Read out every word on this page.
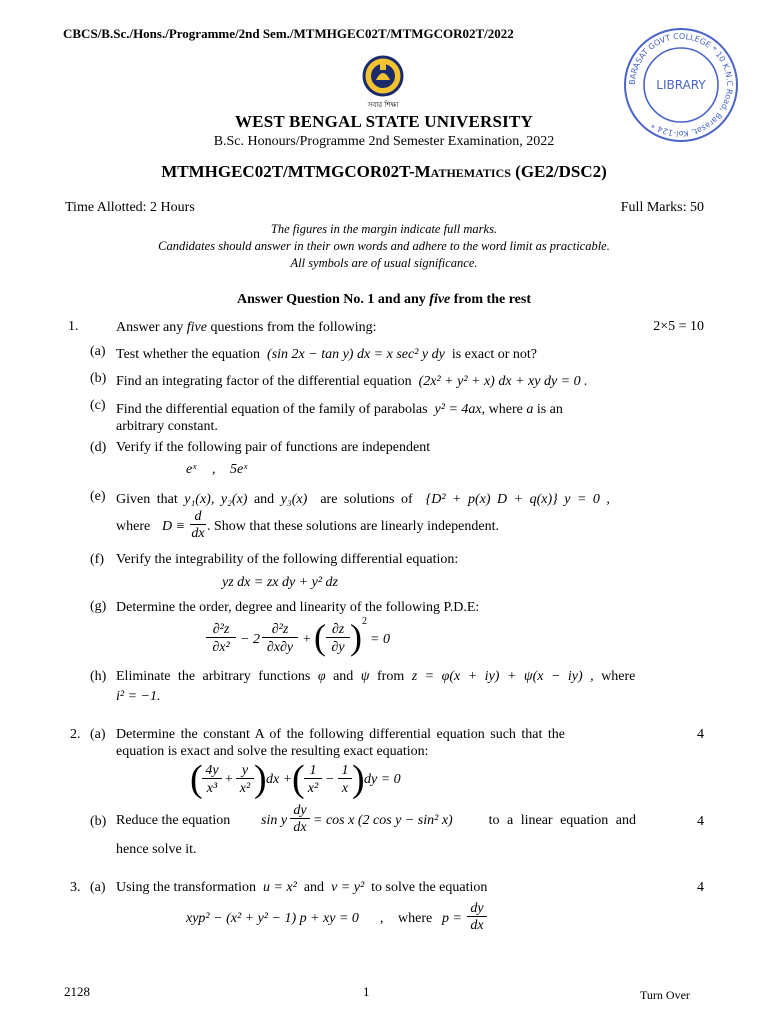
CBCS/B.Sc./Hons./Programme/2nd Sem./MTMHGEC02T/MTMGCOR02T/2022
সবার শিক্ষা
BARASAT GOVT COLLEGE * 10 K.N.C Road, Barasat, Kol-124 *
LIBRARY
WEST BENGAL STATE UNIVERSITY
B.Sc. Honours/Programme 2nd Semester Examination, 2022
MTMHGEC02T/MTMGCOR02T-Mathematics (GE2/DSC2)
Time Allotted: 2 Hours	Full Marks: 50
The figures in the margin indicate full marks.
Candidates should answer in their own words and adhere to the word limit as practicable.
All symbols are of usual significance.
Answer Question No. 1 and any five from the rest
1.	Answer any five questions from the following:	2×5 = 10
(a) Test whether the equation (sin 2x − tan y) dx = x sec² y dy is exact or not?
(b) Find an integrating factor of the differential equation (2x² + y² + x) dx + xy dy = 0 .
(c) Find the differential equation of the family of parabolas y² = 4ax, where a is an
arbitrary constant.
(d) Verify if the following pair of functions are independent
eˣ , 5eˣ
(e) Given that y₁(x), y₂(x) and y₃(x) are solutions of {D² + p(x) D + q(x)} y = 0 ,
where D ≡
d
dx . Show that these solutions are linearly independent.
(f) Verify the integrability of the following differential equation:
yz dx = zx dy + y² dz
(g) Determine the order, degree and linearity of the following P.D.E:
∂²z
∂x²
− 2
∂²z
∂x∂y
+ ( ∂z
∂y ) 2
= 0
(h) Eliminate the arbitrary functions φ and ψ from z = φ(x + iy) + ψ(x − iy) , where
i² = −1.
2. (a) Determine the constant A of the following differential equation such that the
equation is exact and solve the resulting exact equation:
4
( 4y
x³
+
y
x² ) dx + ( 1
x²
−
1
x ) dy = 0
(b) Reduce the equation sin y
dy
dx = cos x (2 cos y − sin² x)	to a linear equation and	4
hence solve it.
3. (a) Using the transformation u = x² and v = y² to solve the equation	4
xyp² − (x² + y² − 1) p + xy = 0 , where p =
dy
dx
2128	1	Turn Over
